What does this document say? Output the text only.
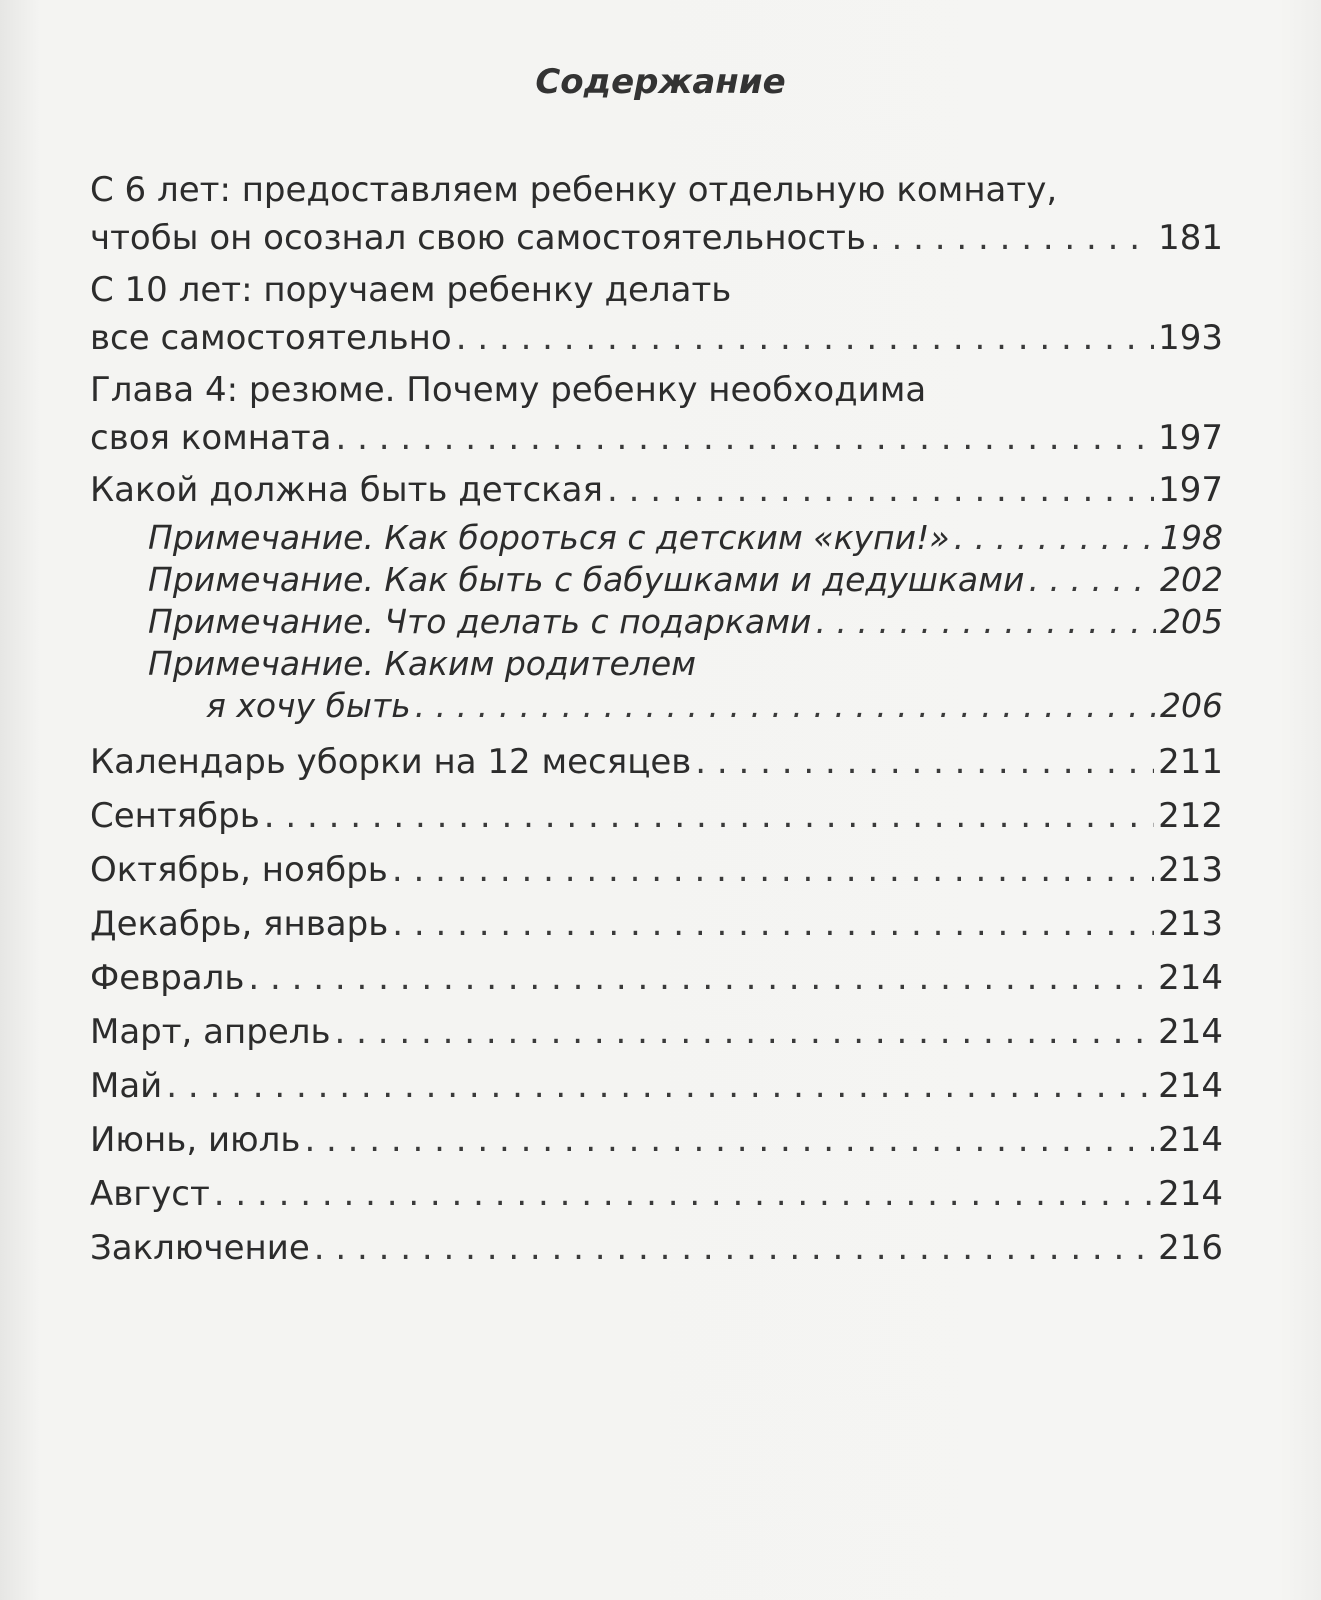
Содержание
С 6 лет: предоставляем ребенку отдельную комнату,
чтобы он осознал свою самостоятельность . . .	181
С 10 лет: поручаем ребенку делать
все самостоятельно . . .	193
Глава 4: резюме. Почему ребенку необходима
своя комната . . .	197
Какой должна быть детская . . .	197
Примечание. Как бороться с детским «купи!» . . .	198
Примечание. Как быть с бабушками и дедушками . . .	202
Примечание. Что делать с подарками . . .	205
Примечание. Каким родителем
я хочу быть . . .	206
Календарь уборки на 12 месяцев . . .	211
Сентябрь . . .	212
Октябрь, ноябрь . . .	213
Декабрь, январь . . .	213
Февраль . . .	214
Март, апрель . . .	214
Май . . .	214
Июнь, июль . . .	214
Август . . .	214
Заключение . . .	216
